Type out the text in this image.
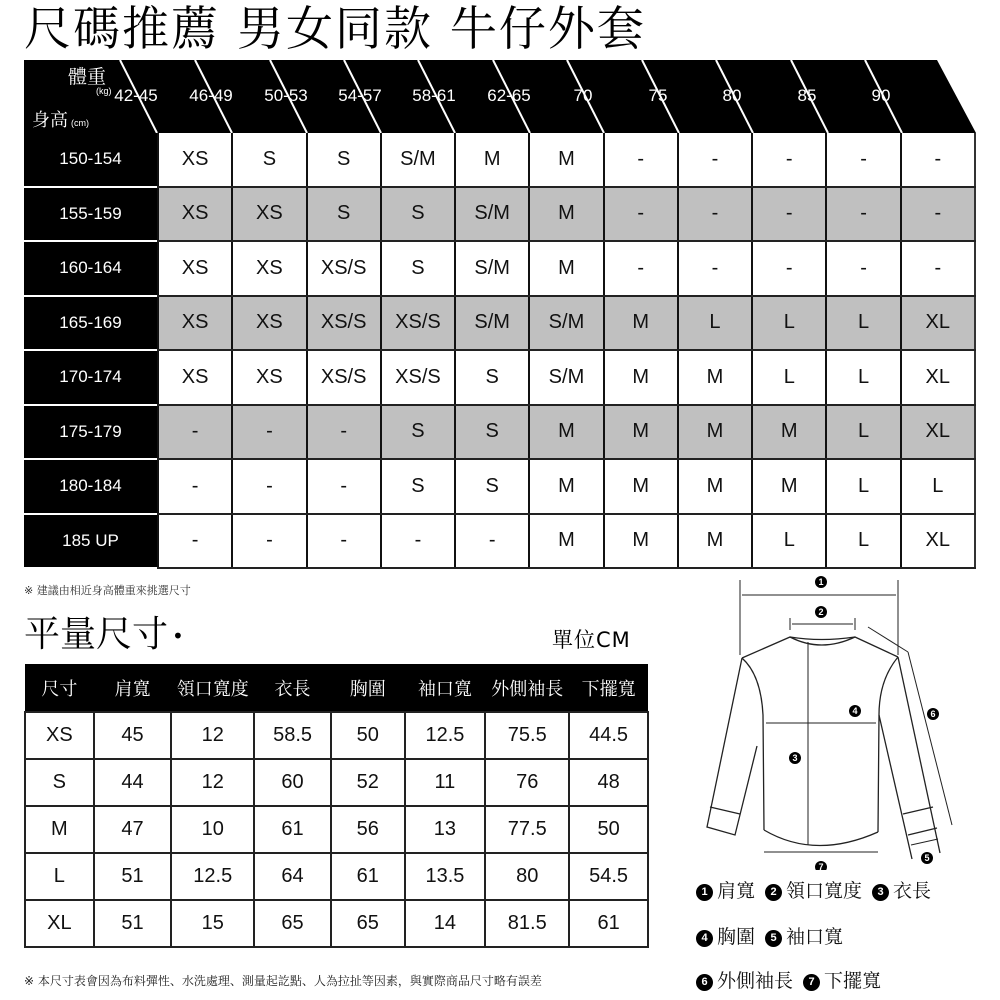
尺碼推薦 男女同款 牛仔外套
體重
(kg)
身高 (cm)
42-45	46-49	50-53	54-57	58-61	62-65	70	75	80	85	90
150-154	XS	S	S	S/M	M	M	-	-	-	-	-
155-159	XS	XS	S	S	S/M	M	-	-	-	-	-
160-164	XS	XS	XS/S	S	S/M	M	-	-	-	-	-
165-169	XS	XS	XS/S	XS/S	S/M	S/M	M	L	L	L	XL
170-174	XS	XS	XS/S	XS/S	S	S/M	M	M	L	L	XL
175-179	-	-	-	S	S	M	M	M	M	L	XL
180-184	-	-	-	S	S	M	M	M	M	L	L
185 UP	-	-	-	-	-	M	M	M	L	L	XL
※ 建議由相近身高體重來挑選尺寸
平量尺寸 •	單位CM
尺寸	肩寬	領口寬度	衣長	胸圍	袖口寬	外側袖長	下擺寬
XS	45	12	58.5	50	12.5	75.5	44.5
S	44	12	60	52	11	76	48
M	47	10	61	56	13	77.5	50
L	51	12.5	64	61	13.5	80	54.5
XL	51	15	65	65	14	81.5	61
※ 本尺寸表會因為布料彈性、水洗處理、測量起訖點、人為拉扯等因素，與實際商品尺寸略有誤差
1
2
3
4
5
6
7
1 肩寬 2 領口寬度 3 衣長
4 胸圍 5 袖口寬
6 外側袖長 7 下擺寬
